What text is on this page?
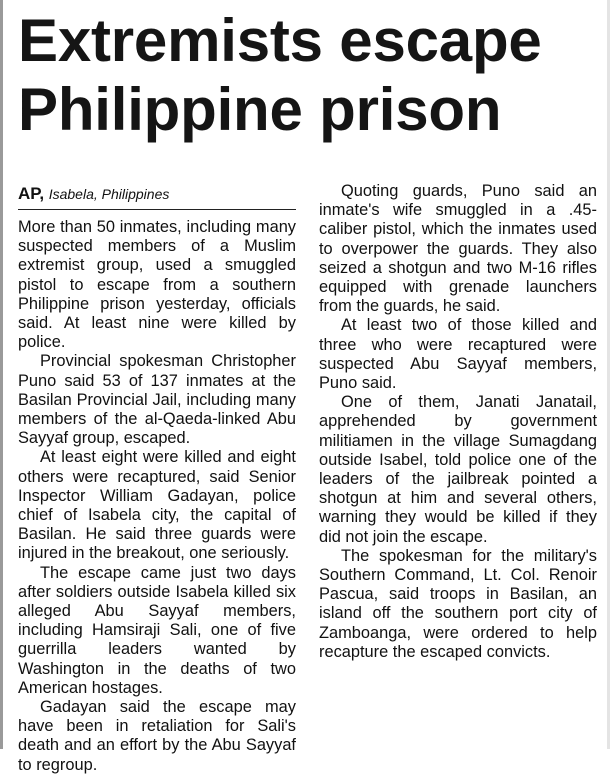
Extremists escape
Philippine prison
AP, Isabela, Philippines

More than 50 inmates, including many suspected members of a Muslim extremist group, used a smuggled pistol to escape from a southern Philippine prison yesterday, officials said. At least nine were killed by police.

Provincial spokesman Christopher Puno said 53 of 137 inmates at the Basilan Provincial Jail, including many members of the al-Qaeda-linked Abu Sayyaf group, escaped.

At least eight were killed and eight others were recaptured, said Senior Inspector William Gadayan, police chief of Isabela city, the capital of Basilan. He said three guards were injured in the breakout, one seriously.

The escape came just two days after soldiers outside Isabela killed six alleged Abu Sayyaf members, including Hamsiraji Sali, one of five guerrilla leaders wanted by Washington in the deaths of two American hostages.

Gadayan said the escape may have been in retaliation for Sali's death and an effort by the Abu Sayyaf to regroup.

Quoting guards, Puno said an inmate's wife smuggled in a .45-caliber pistol, which the inmates used to overpower the guards. They also seized a shotgun and two M-16 rifles equipped with grenade launchers from the guards, he said.

At least two of those killed and three who were recaptured were suspected Abu Sayyaf members, Puno said.

One of them, Janati Janatail, apprehended by government militiamen in the village Sumagdang outside Isabel, told police one of the leaders of the jailbreak pointed a shotgun at him and several others, warning they would be killed if they did not join the escape.

The spokesman for the military's Southern Command, Lt. Col. Renoir Pascua, said troops in Basilan, an island off the southern port city of Zamboanga, were ordered to help recapture the escaped convicts.
